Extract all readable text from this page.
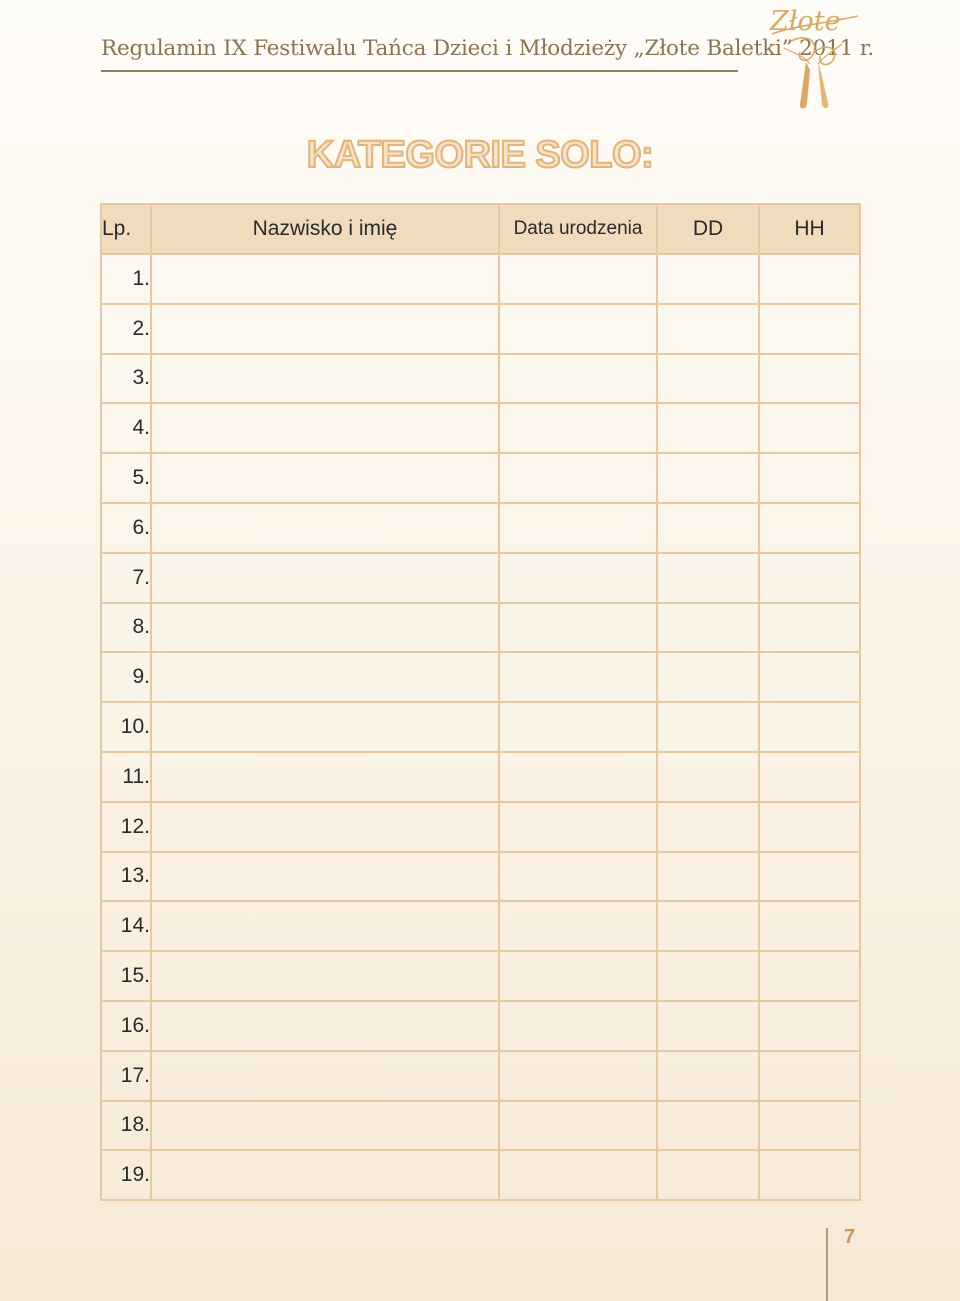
Regulamin IX Festiwalu Tańca Dzieci i Młodzieży „Złote Baletki” 2011 r.
Złote
KATEGORIE SOLO:
Lp.	Nazwisko i imię	Data urodzenia	DD	HH
1.				
2.				
3.				
4.				
5.				
6.				
7.				
8.				
9.				
10.				
11.				
12.				
13.				
14.				
15.				
16.				
17.				
18.				
19.				
7
